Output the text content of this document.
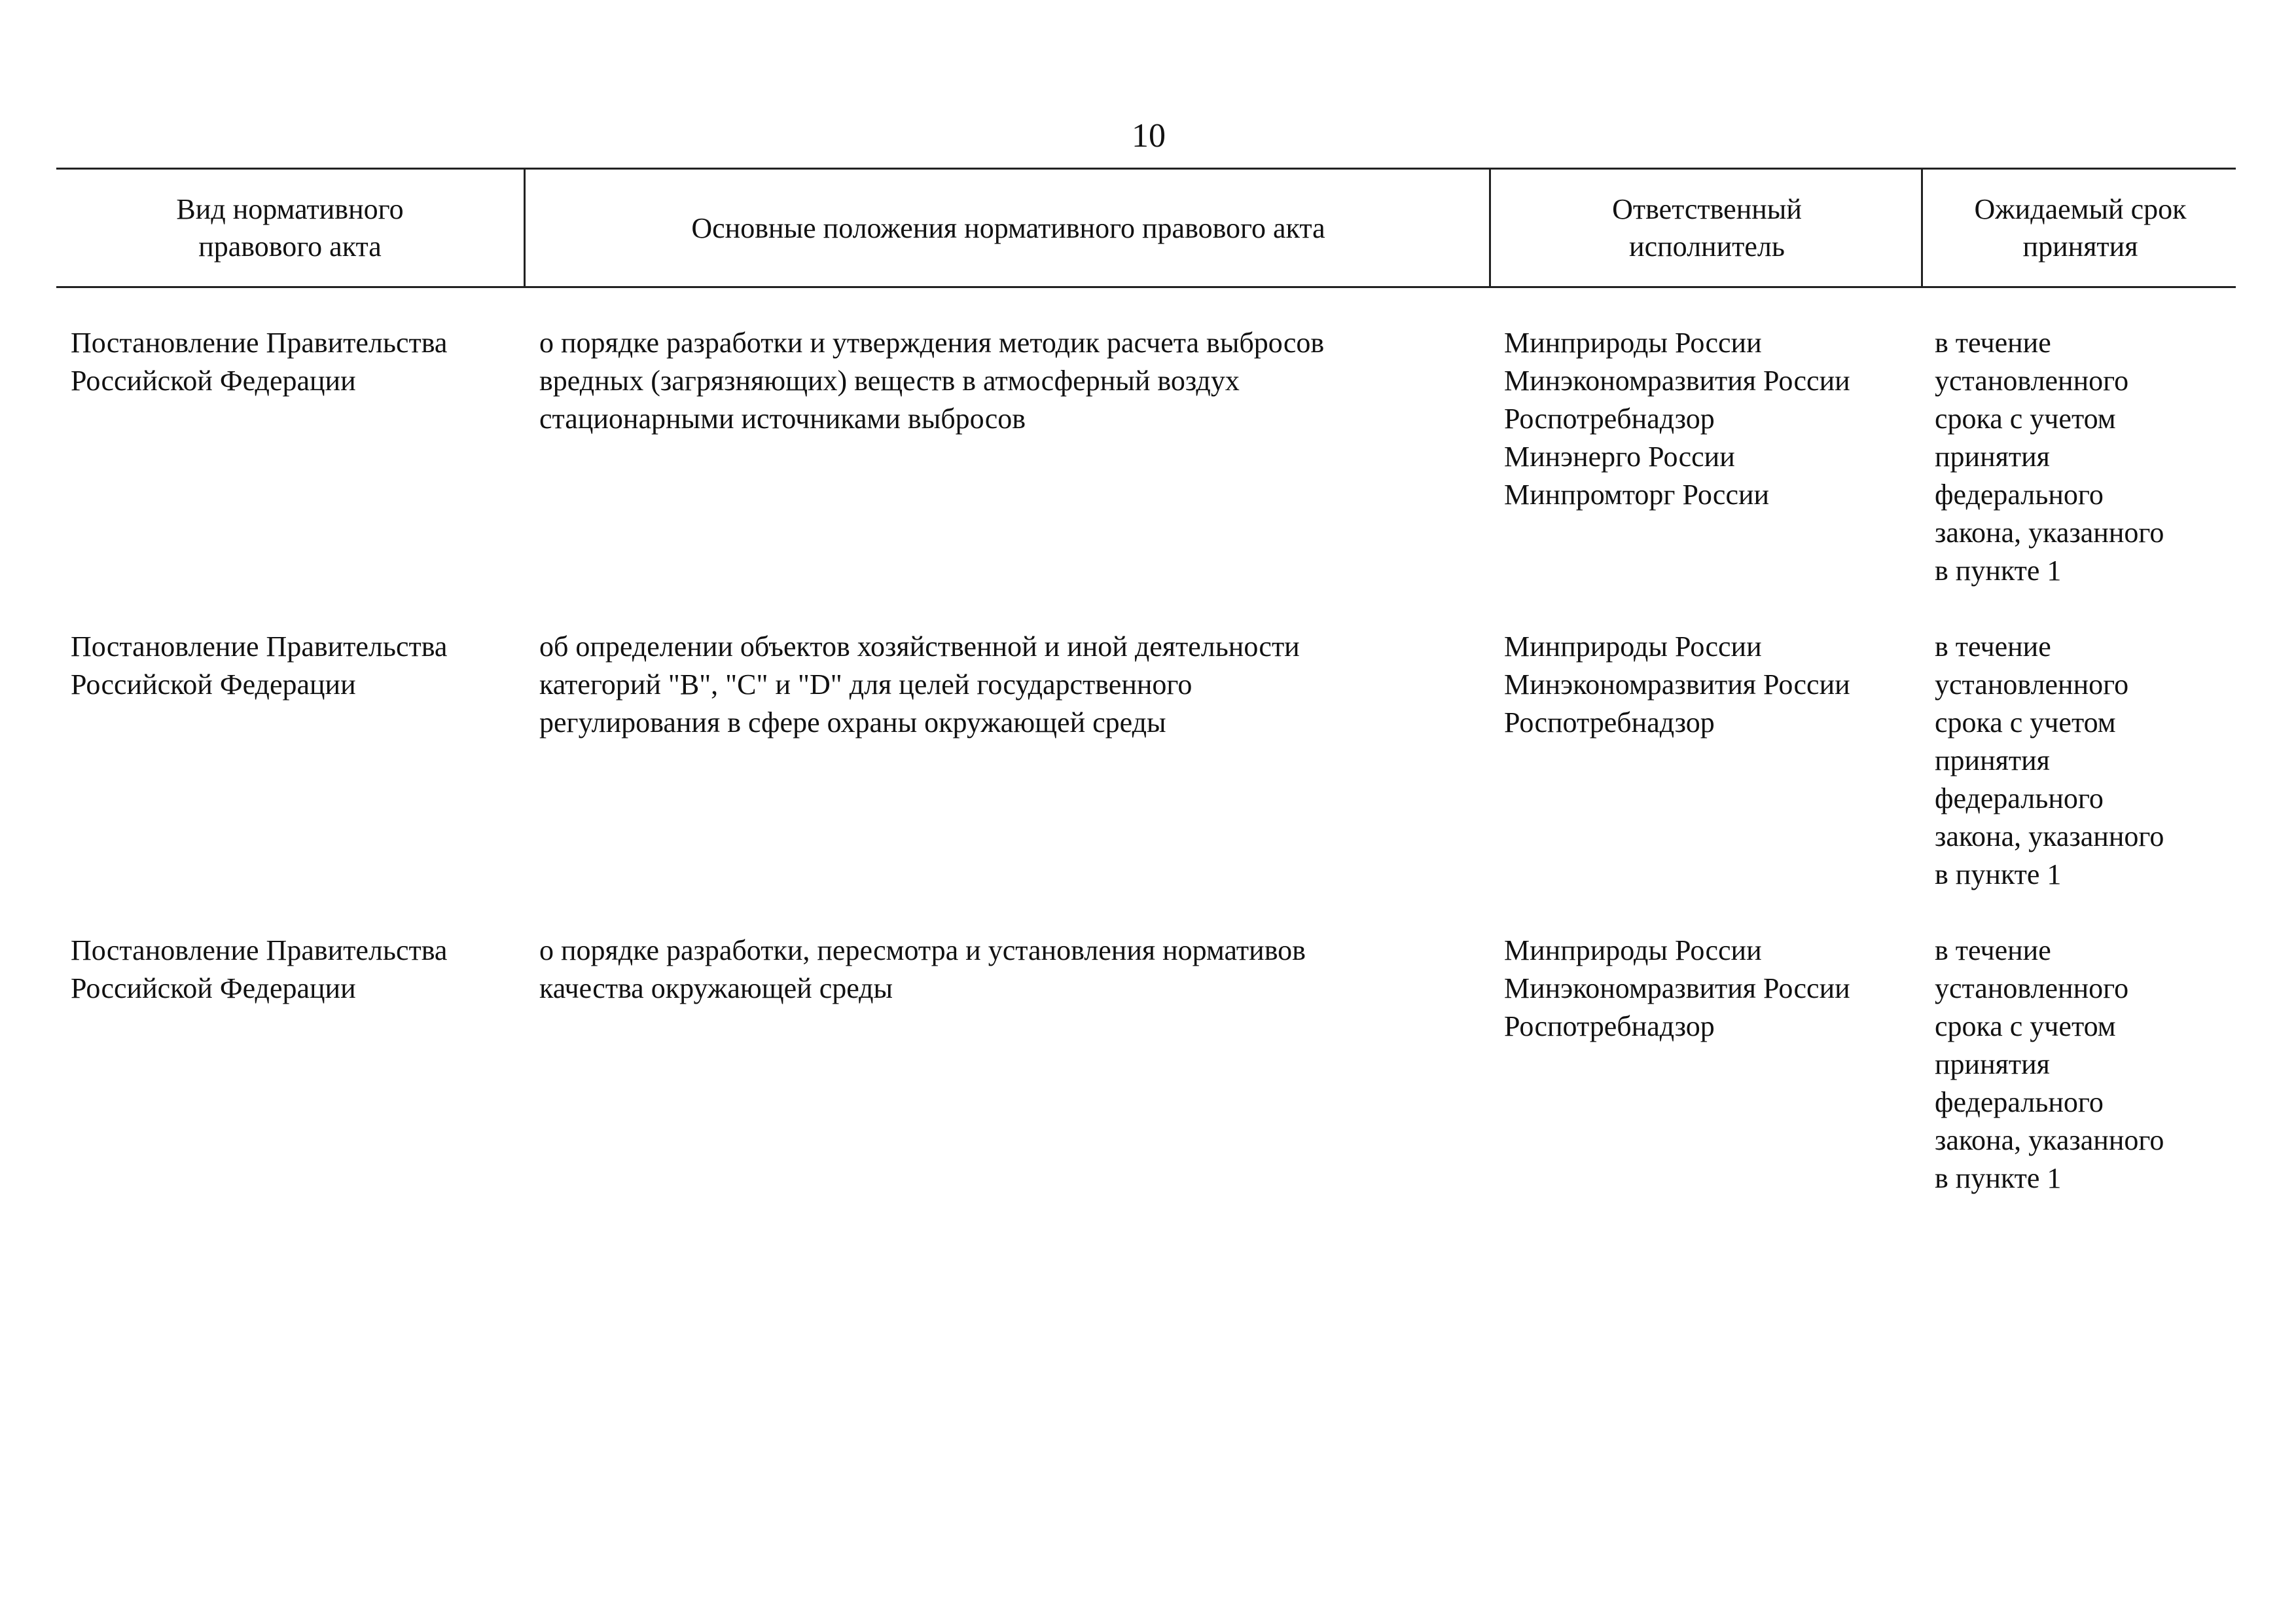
10
Вид нормативного
правового акта
Основные положения нормативного правового акта
Ответственный
исполнитель
Ожидаемый срок
принятия
Постановление Правительства
Российской Федерации
о порядке разработки и утверждения методик расчета выбросов
вредных (загрязняющих) веществ в атмосферный воздух
стационарными источниками выбросов
Минприроды России
Минэкономразвития России
Роспотребнадзор
Минэнерго России
Минпромторг России
в течение
установленного
срока с учетом
принятия
федерального
закона, указанного
в пункте 1
Постановление Правительства
Российской Федерации
об определении объектов хозяйственной и иной деятельности
категорий "B", "C" и "D" для целей государственного
регулирования в сфере охраны окружающей среды
Минприроды России
Минэкономразвития России
Роспотребнадзор
в течение
установленного
срока с учетом
принятия
федерального
закона, указанного
в пункте 1
Постановление Правительства
Российской Федерации
о порядке разработки, пересмотра и установления нормативов
качества окружающей среды
Минприроды России
Минэкономразвития России
Роспотребнадзор
в течение
установленного
срока с учетом
принятия
федерального
закона, указанного
в пункте 1
